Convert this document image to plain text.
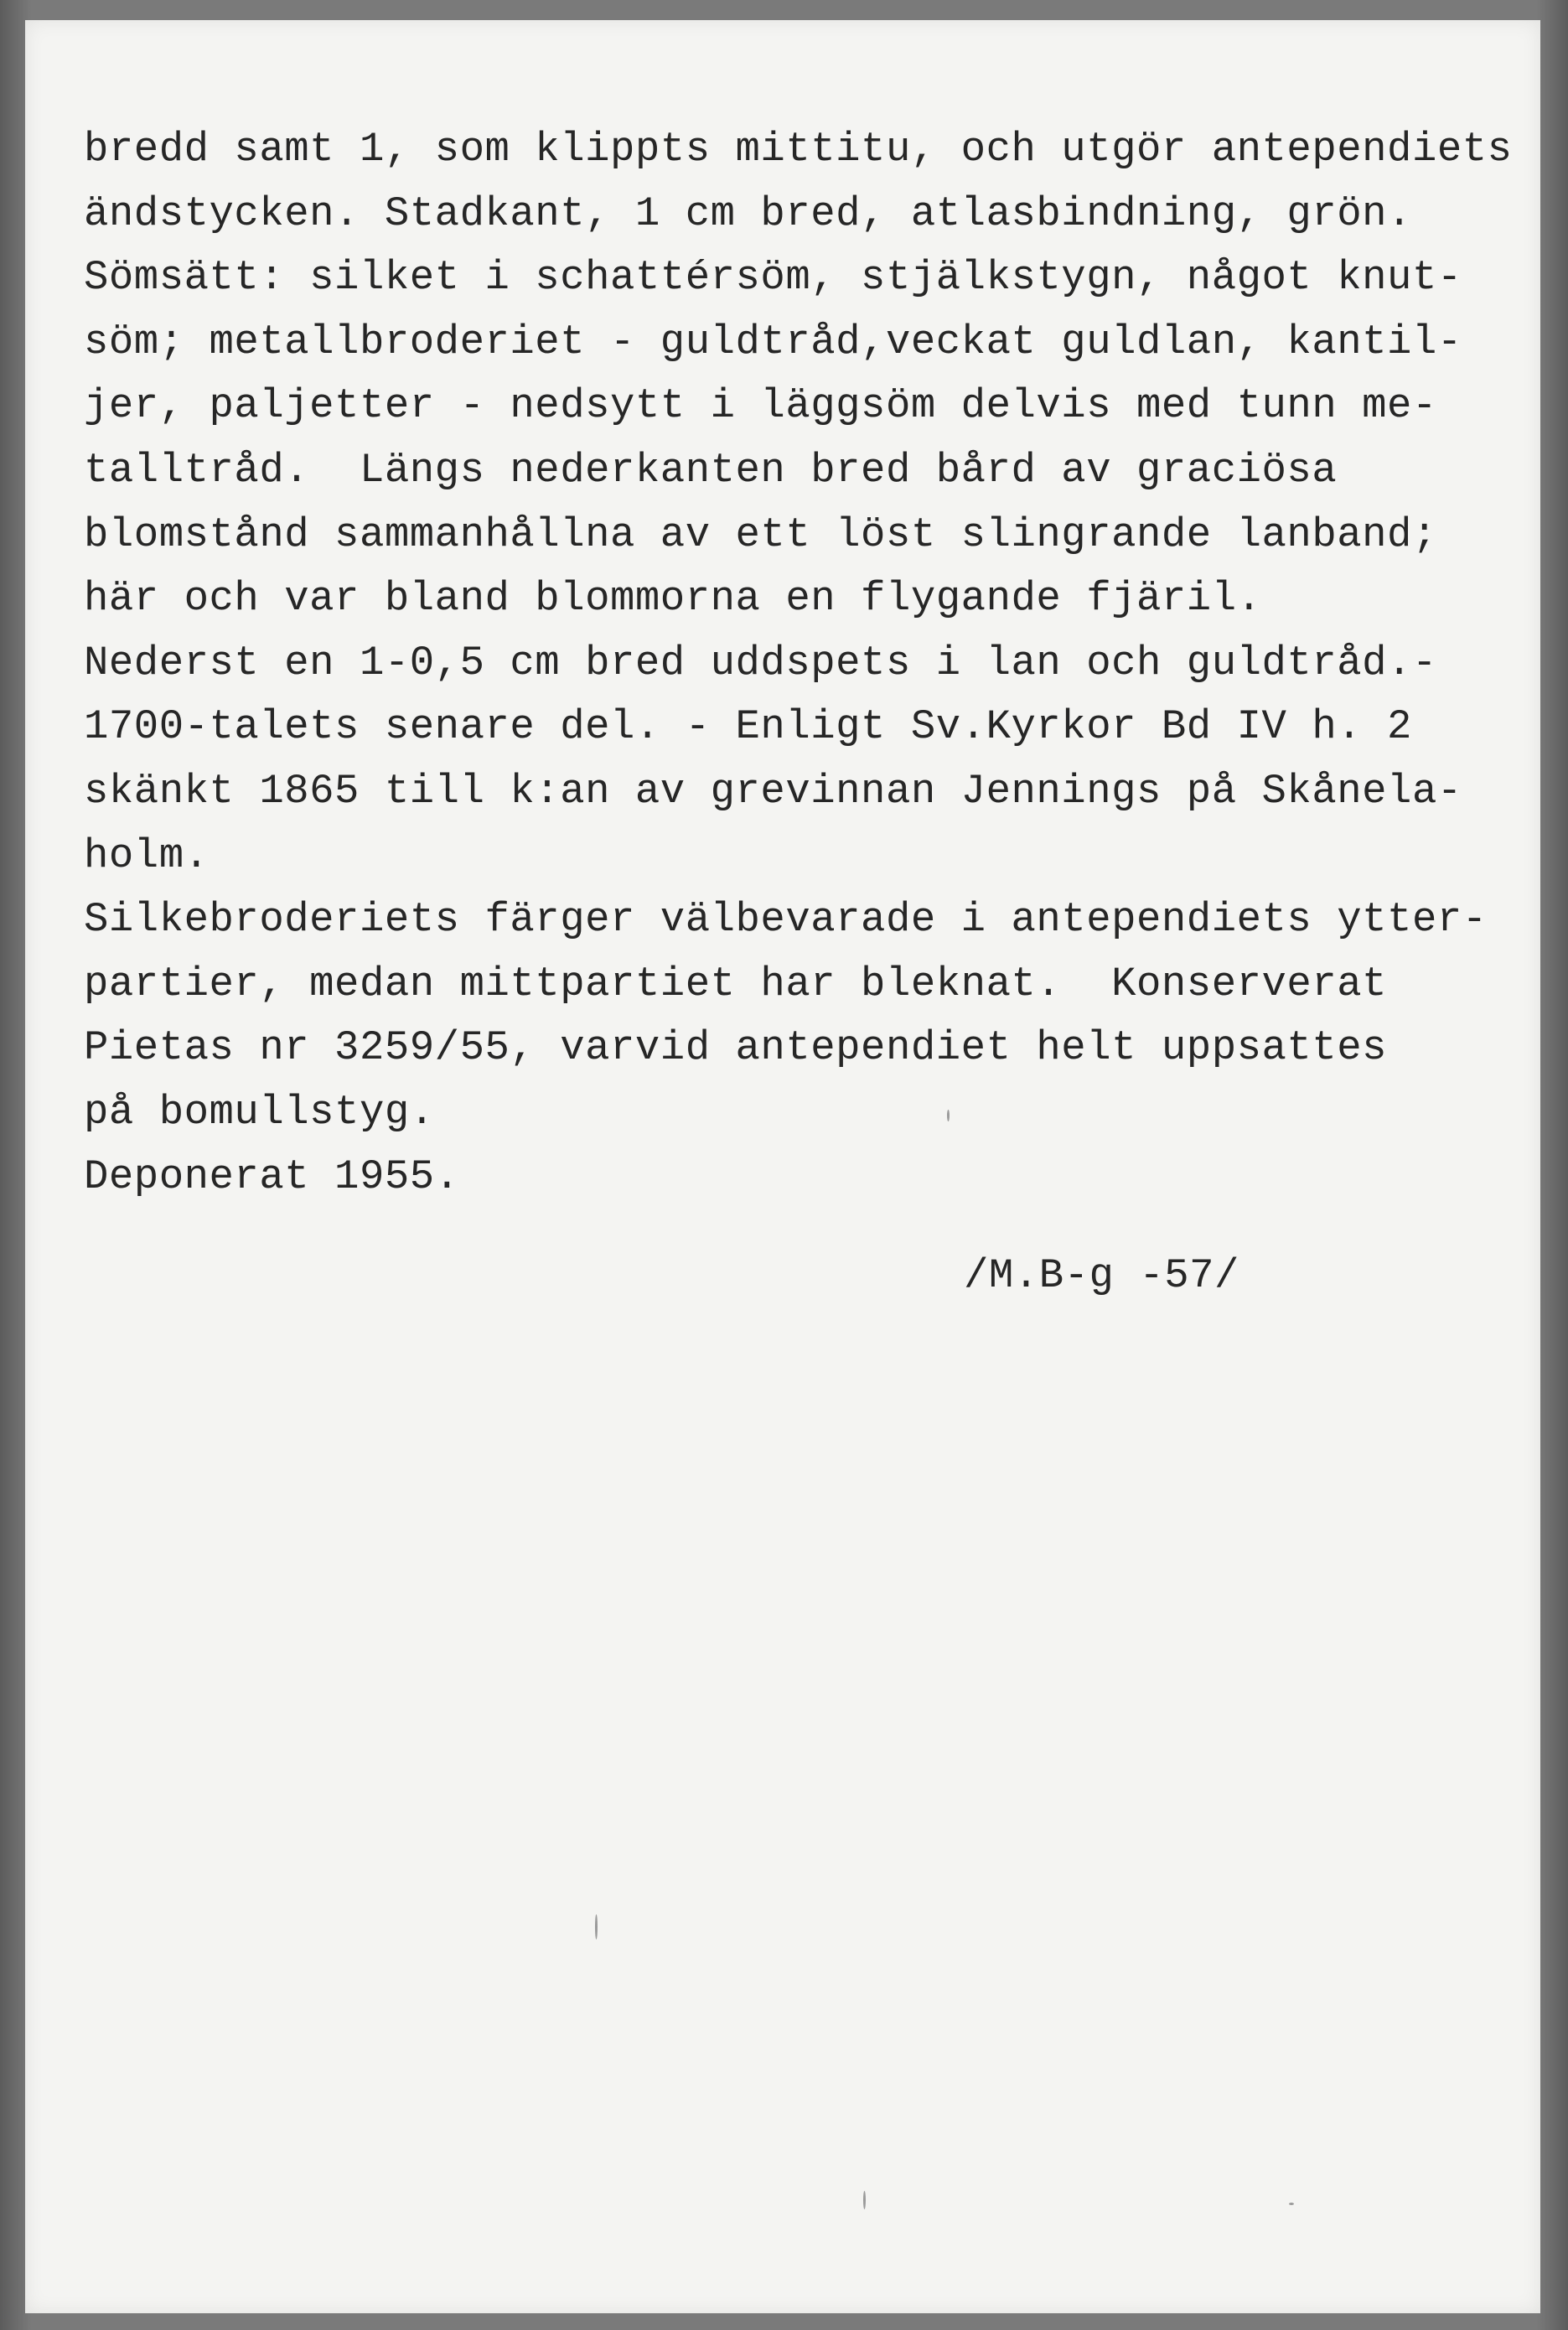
bredd samt 1, som klippts mittitu, och utgör antependiets
ändstycken. Stadkant, 1 cm bred, atlasbindning, grön.
Sömsätt: silket i schattérsöm, stjälkstygn, något knut-
söm; metallbroderiet - guldtråd,veckat guldlan, kantil-
jer, paljetter - nedsytt i läggsöm delvis med tunn me-
talltråd.  Längs nederkanten bred bård av graciösa
blomstånd sammanhållna av ett löst slingrande lanband;
här och var bland blommorna en flygande fjäril.
Nederst en 1-0,5 cm bred uddspets i lan och guldtråd.-
1700-talets senare del. - Enligt Sv.Kyrkor Bd IV h. 2
skänkt 1865 till k:an av grevinnan Jennings på Skånela-
holm.
Silkebroderiets färger välbevarade i antependiets ytter-
partier, medan mittpartiet har bleknat.  Konserverat
Pietas nr 3259/55, varvid antependiet helt uppsattes
på bomullstyg.
Deponerat 1955.
/M.B-g -57/
